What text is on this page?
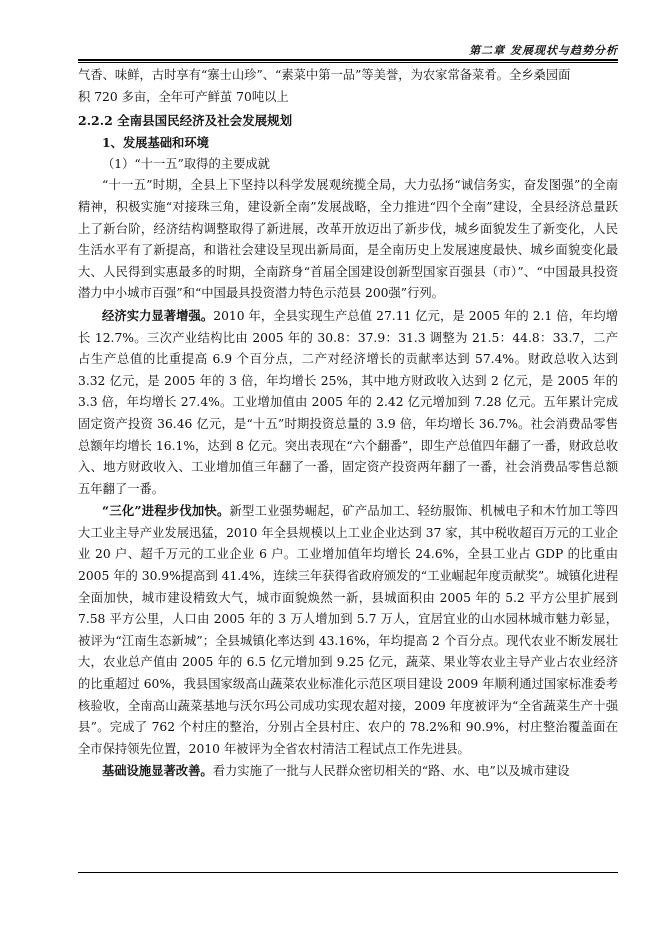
第二章 发展现状与趋势分析

气香、味鲜，古时享有“寨士山珍”、“素菜中第一品”等美誉，为农家常备菜肴。全乡桑园面

积 720 多亩，全年可产鲜茧 70吨以上

2.2.2 全南县国民经济及社会发展规划

1、发展基础和环境

（1）“十一五”取得的主要成就

“十一五”时期，全县上下坚持以科学发展观统揽全局，大力弘扬“诚信务实，奋发图强”的全南精神，积极实施“对接珠三角，建设新全南”发展战略，全力推进“四个全南”建设，全县经济总量跃上了新台阶，经济结构调整取得了新进展，改革开放迈出了新步伐，城乡面貌发生了新变化，人民生活水平有了新提高，和谐社会建设呈现出新局面，是全南历史上发展速度最快、城乡面貌变化最大、人民得到实惠最多的时期，全南跻身“首届全国建设创新型国家百强县（市）”、“中国最具投资潜力中小城市百强”和“中国最具投资潜力特色示范县 200强”行列。

经济实力显著增强。2010 年，全县实现生产总值 27.11 亿元，是 2005 年的 2.1 倍，年均增长 12.7%。三次产业结构比由 2005 年的 30.8：37.9：31.3 调整为 21.5：44.8：33.7，二产占生产总值的比重提高 6.9 个百分点，二产对经济增长的贡献率达到 57.4%。财政总收入达到 3.32 亿元，是 2005 年的 3 倍，年均增长 25%，其中地方财政收入达到 2 亿元，是 2005 年的 3.3 倍，年均增长 27.4%。工业增加值由 2005 年的 2.42 亿元增加到 7.28 亿元。五年累计完成固定资产投资 36.46 亿元，是“十五”时期投资总量的 3.9 倍，年均增长 36.7%。社会消费品零售总额年均增长 16.1%，达到 8 亿元。突出表现在“六个翻番”，即生产总值四年翻了一番，财政总收入、地方财政收入、工业增加值三年翻了一番，固定资产投资两年翻了一番，社会消费品零售总额五年翻了一番。

“三化”进程步伐加快。新型工业强势崛起，矿产品加工、轻纺服饰、机械电子和木竹加工等四大工业主导产业发展迅猛，2010 年全县规模以上工业企业达到 37 家，其中税收超百万元的工业企业 20 户、超千万元的工业企业 6 户。工业增加值年均增长 24.6%，全县工业占 GDP 的比重由 2005 年的 30.9%提高到 41.4%，连续三年获得省政府颁发的“工业崛起年度贡献奖”。城镇化进程全面加快，城市建设精致大气，城市面貌焕然一新，县城面积由 2005 年的 5.2 平方公里扩展到 7.58 平方公里，人口由 2005 年的 3 万人增加到 5.7 万人，宜居宜业的山水园林城市魅力彰显，被评为“江南生态新城”；全县城镇化率达到 43.16%，年均提高 2 个百分点。现代农业不断发展壮大，农业总产值由 2005 年的 6.5 亿元增加到 9.25 亿元，蔬菜、果业等农业主导产业占农业经济的比重超过 60%，我县国家级高山蔬菜农业标准化示范区项目建设 2009 年顺利通过国家标准委考核验收，全南高山蔬菜基地与沃尔玛公司成功实现农超对接，2009 年度被评为“全省蔬菜生产十强县”。完成了 762 个村庄的整治，分别占全县村庄、农户的 78.2%和 90.9%，村庄整治覆盖面在全市保持领先位置，2010 年被评为全省农村清洁工程试点工作先进县。

基础设施显著改善。看力实施了一批与人民群众密切相关的“路、水、电”以及城市建设
